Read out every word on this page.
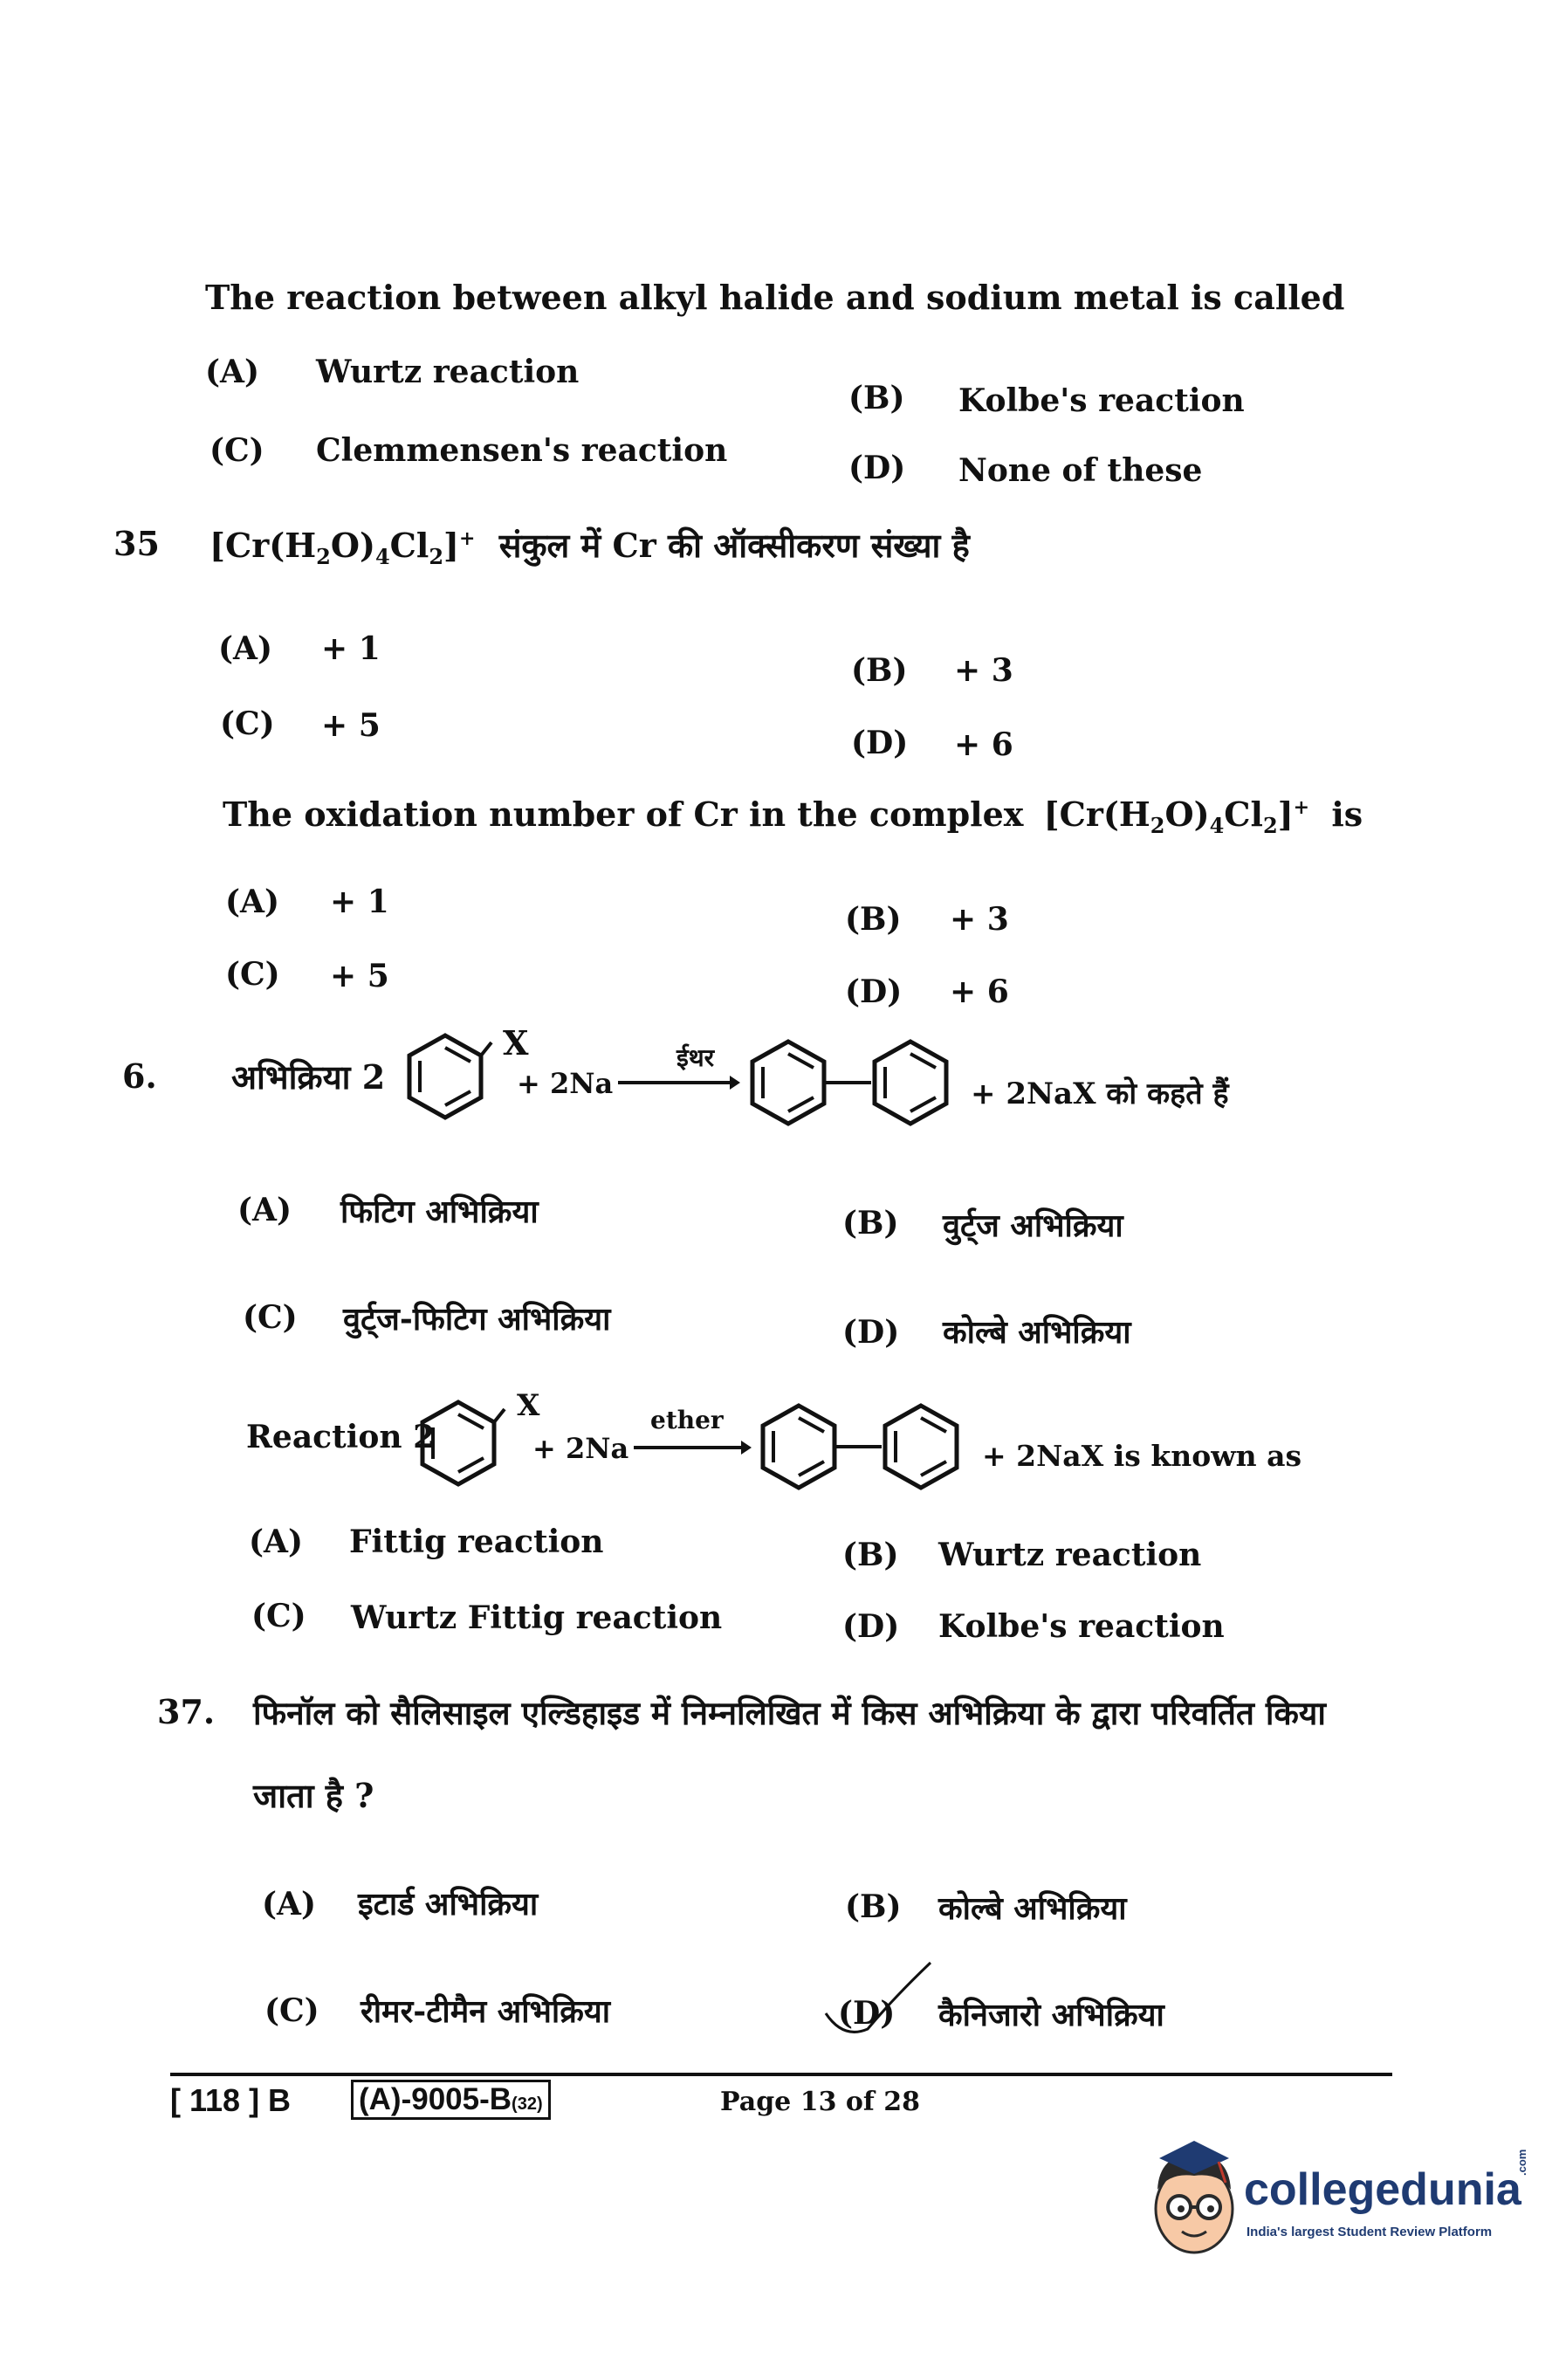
The reaction between alkyl halide and sodium metal is called
(A) Wurtz reaction
(B) Kolbe's reaction
(C) Clemmensen's reaction	(D) None of these
35 $[Cr(H_2O)_4Cl_2]^+$ संकुल में Cr की ऑक्सीकरण संख्या है
(A) + 1
(B) + 3
(C) + 5	(D) + 6
The oxidation number of Cr in the complex $[Cr(H_2O)_4Cl_2]^+$ is
(A) + 1	(B) + 3
(C) + 5	(D) + 6
6. अभिक्रिया 2
X
+ 2Na
ईथर
+ 2NaX को कहते हैं
(A) फिटिग अभिक्रिया	(B) वुर्ट्ज अभिक्रिया
(C) वुर्ट्ज-फिटिग अभिक्रिया	(D) कोल्बे अभिक्रिया
Reaction 2
X
+ 2Na
ether
+ 2NaX is known as
(A) Fittig reaction	(B) Wurtz reaction
(C) Wurtz Fittig reaction	(D) Kolbe's reaction
37. फिनॉल को सैलिसाइल एल्डिहाइड में निम्नलिखित में किस अभिक्रिया के द्वारा परिवर्तित किया
जाता है ?
(A) इटार्ड अभिक्रिया	(B) कोल्बे अभिक्रिया
(C) रीमर-टीमैन अभिक्रिया	(D) कैनिजारो अभिक्रिया
[ 118 ] B (A)-9005-B(32)	Page 13 of 28
collegedunia
.com
India's largest Student Review Platform
